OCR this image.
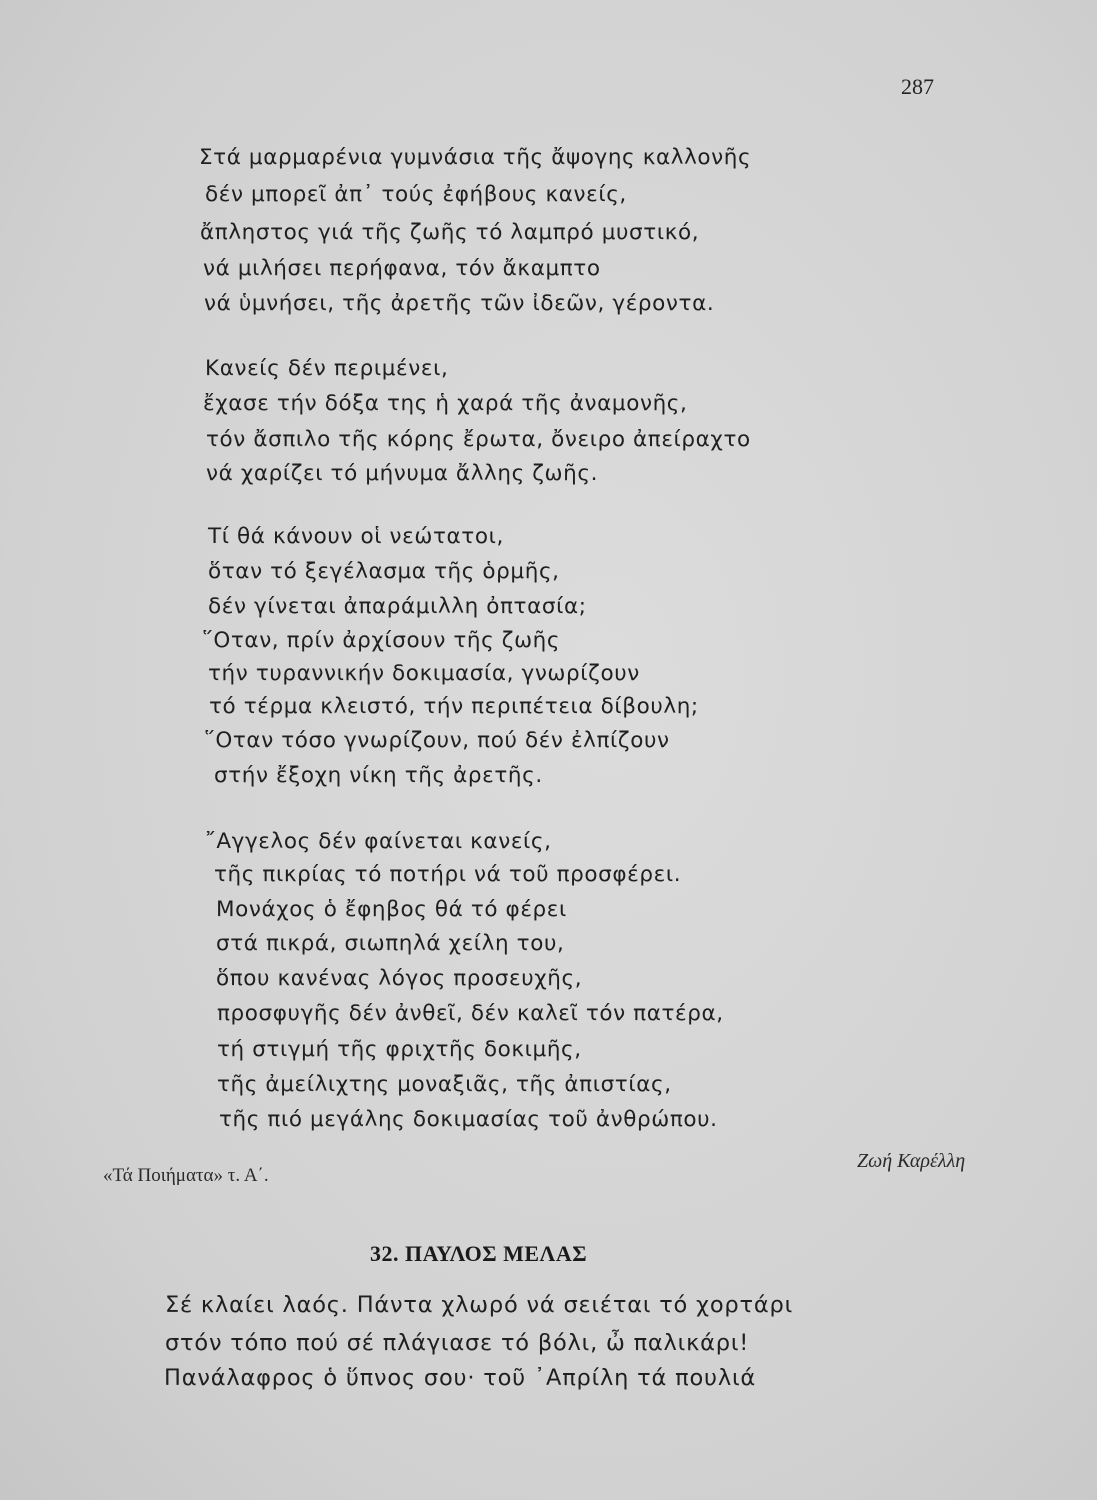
287
Στά μαρμαρένια γυμνάσια τῆς ἄψογης καλλονῆς
δέν μπορεῖ ἀπ᾽ τούς ἐφήβους κανείς,
ἄπληστος γιά τῆς ζωῆς τό λαμπρό μυστικό,
νά μιλήσει περήφανα, τόν ἄκαμπτο
νά ὑμνήσει, τῆς ἀρετῆς τῶν ἰδεῶν, γέροντα.
Κανείς δέν περιμένει,
ἔχασε τήν δόξα της ἡ χαρά τῆς ἀναμονῆς,
τόν ἄσπιλο τῆς κόρης ἔρωτα, ὄνειρο ἀπείραχτο
νά χαρίζει τό μήνυμα ἄλλης ζωῆς.
Τί θά κάνουν οἱ νεώτατοι,
ὅταν τό ξεγέλασμα τῆς ὁρμῆς,
δέν γίνεται ἀπαράμιλλη ὀπτασία;
῞Οταν, πρίν ἀρχίσουν τῆς ζωῆς
τήν τυραννικήν δοκιμασία, γνωρίζουν
τό τέρμα κλειστό, τήν περιπέτεια δίβουλη;
῞Οταν τόσο γνωρίζουν, πού δέν ἐλπίζουν
στήν ἔξοχη νίκη τῆς ἀρετῆς.
῎Αγγελος δέν φαίνεται κανείς,
τῆς πικρίας τό ποτήρι νά τοῦ προσφέρει.
Μονάχος ὁ ἔφηβος θά τό φέρει
στά πικρά, σιωπηλά χείλη του,
ὅπου κανένας λόγος προσευχῆς,
προσφυγῆς δέν ἀνθεῖ, δέν καλεῖ τόν πατέρα,
τή στιγμή τῆς φριχτῆς δοκιμῆς,
τῆς ἀμείλιχτης μοναξιᾶς, τῆς ἀπιστίας,
τῆς πιό μεγάλης δοκιμασίας τοῦ ἀνθρώπου.
«Τά Ποιήματα» τ. Α΄.
Ζωή Καρέλλη
32. ΠΑΥΛΟΣ ΜΕΛΑΣ
Σέ κλαίει λαός. Πάντα χλωρό νά σειέται τό χορτάρι
στόν τόπο πού σέ πλάγιασε τό βόλι, ὦ παλικάρι!
Πανάλαφρος ὁ ὕπνος σου· τοῦ ᾿Απρίλη τά πουλιά
